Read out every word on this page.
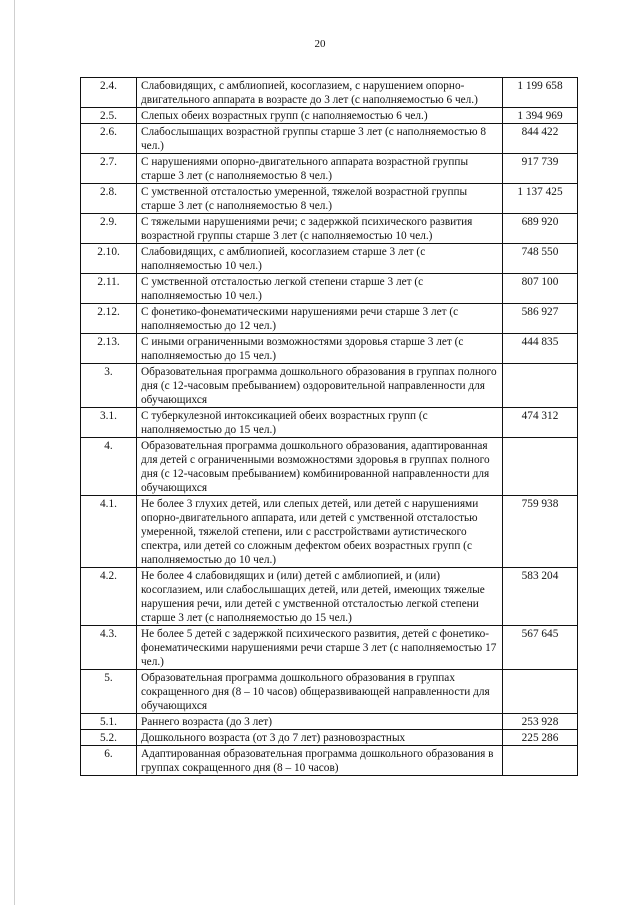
20
2.4.	Слабовидящих, с амблиопией, косоглазием, с нарушением опорно-двигательного аппарата в возрасте до 3 лет (с наполняемостью 6 чел.)	1 199 658
2.5.	Слепых обеих возрастных групп (с наполняемостью 6 чел.)	1 394 969
2.6.	Слабослышащих возрастной группы старше 3 лет (с наполняемостью 8 чел.)	844 422
2.7.	С нарушениями опорно-двигательного аппарата возрастной группы старше 3 лет (с наполняемостью 8 чел.)	917 739
2.8.	С умственной отсталостью умеренной, тяжелой возрастной группы старше 3 лет (с наполняемостью 8 чел.)	1 137 425
2.9.	С тяжелыми нарушениями речи; с задержкой психического развития возрастной группы старше 3 лет (с наполняемостью 10 чел.)	689 920
2.10.	Слабовидящих, с амблиопией, косоглазием старше 3 лет (с наполняемостью 10 чел.)	748 550
2.11.	С умственной отсталостью легкой степени старше 3 лет (с наполняемостью 10 чел.)	807 100
2.12.	С фонетико-фонематическими нарушениями речи старше 3 лет (с наполняемостью до 12 чел.)	586 927
2.13.	С иными ограниченными возможностями здоровья старше 3 лет (с наполняемостью до 15 чел.)	444 835
3.	Образовательная программа дошкольного образования в группах полного дня (с 12-часовым пребыванием) оздоровительной направленности для обучающихся	
3.1.	С туберкулезной интоксикацией обеих возрастных групп (с наполняемостью до 15 чел.)	474 312
4.	Образовательная программа дошкольного образования, адаптированная для детей с ограниченными возможностями здоровья в группах полного дня (с 12-часовым пребыванием) комбинированной направленности для обучающихся	
4.1.	Не более 3 глухих детей, или слепых детей, или детей с нарушениями опорно-двигательного аппарата, или детей с умственной отсталостью умеренной, тяжелой степени, или с расстройствами аутистического спектра, или детей со сложным дефектом обеих возрастных групп (с наполняемостью до 10 чел.)	759 938
4.2.	Не более 4 слабовидящих и (или) детей с амблиопией, и (или) косоглазием, или слабослышащих детей, или детей, имеющих тяжелые нарушения речи, или детей с умственной отсталостью легкой степени старше 3 лет (с наполняемостью до 15 чел.)	583 204
4.3.	Не более 5 детей с задержкой психического развития, детей с фонетико-фонематическими нарушениями речи старше 3 лет (с наполняемостью 17 чел.)	567 645
5.	Образовательная программа дошкольного образования в группах сокращенного дня (8 – 10 часов) общеразвивающей направленности для обучающихся	
5.1.	Раннего возраста (до 3 лет)	253 928
5.2.	Дошкольного возраста (от 3 до 7 лет) разновозрастных	225 286
6.	Адаптированная образовательная программа дошкольного образования в группах сокращенного дня (8 – 10 часов)	
